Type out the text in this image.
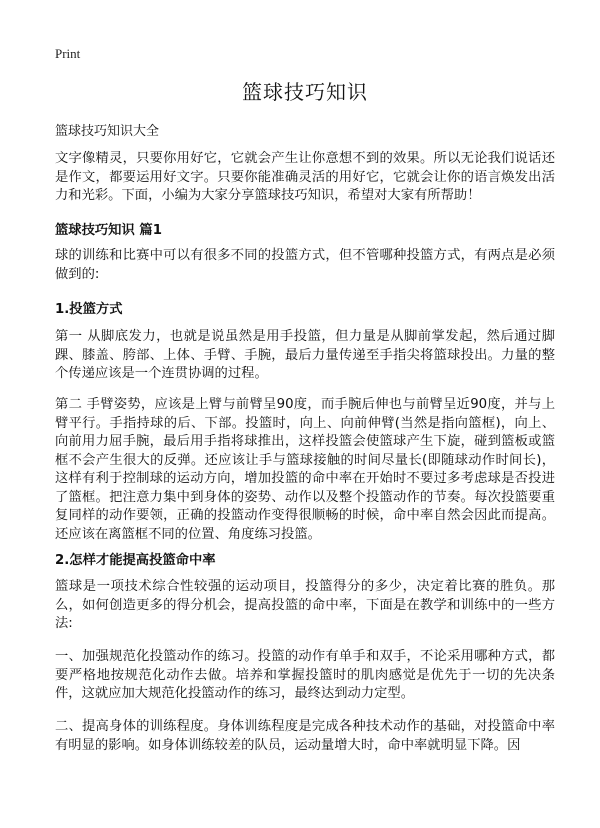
Print
篮球技巧知识

篮球技巧知识大全

文字像精灵，只要你用好它，它就会产生让你意想不到的效果。所以无论我们说话还是作文，都要运用好文字。只要你能准确灵活的用好它，它就会让你的语言焕发出活力和光彩。下面，小编为大家分享篮球技巧知识，希望对大家有所帮助！

篮球技巧知识 篇1

球的训练和比赛中可以有很多不同的投篮方式，但不管哪种投篮方式，有两点是必须做到的:

1.投篮方式

第一 从脚底发力，也就是说虽然是用手投篮，但力量是从脚前掌发起，然后通过脚踝、膝盖、胯部、上体、手臂、手腕，最后力量传递至手指尖将篮球投出。力量的整个传递应该是一个连贯协调的过程。

第二 手臂姿势，应该是上臂与前臂呈90度，而手腕后伸也与前臂呈近90度，并与上臂平行。手指持球的后、下部。投篮时，向上、向前伸臂(当然是指向篮框)，向上、向前用力屈手腕，最后用手指将球推出，这样投篮会使篮球产生下旋，碰到篮板或篮框不会产生很大的反弹。还应该让手与篮球接触的时间尽量长(即随球动作时间长)，这样有利于控制球的运动方向，增加投篮的命中率在开始时不要过多考虑球是否投进了篮框。把注意力集中到身体的姿势、动作以及整个投篮动作的节奏。每次投篮要重复同样的动作要领，正确的投篮动作变得很顺畅的时候，命中率自然会因此而提高。还应该在离篮框不同的位置、角度练习投篮。

2.怎样才能提高投篮命中率

篮球是一项技术综合性较强的运动项目，投篮得分的多少，决定着比赛的胜负。那么，如何创造更多的得分机会，提高投篮的命中率，下面是在教学和训练中的一些方法:

一、加强规范化投篮动作的练习。投篮的动作有单手和双手，不论采用哪种方式，都要严格地按规范化动作去做。培养和掌握投篮时的肌肉感觉是优先于一切的先决条件，这就应加大规范化投篮动作的练习，最终达到动力定型。

二、提高身体的训练程度。身体训练程度是完成各种技术动作的基础，对投篮命中率有明显的影响。如身体训练较差的队员，运动量增大时，命中率就明显下降。因
